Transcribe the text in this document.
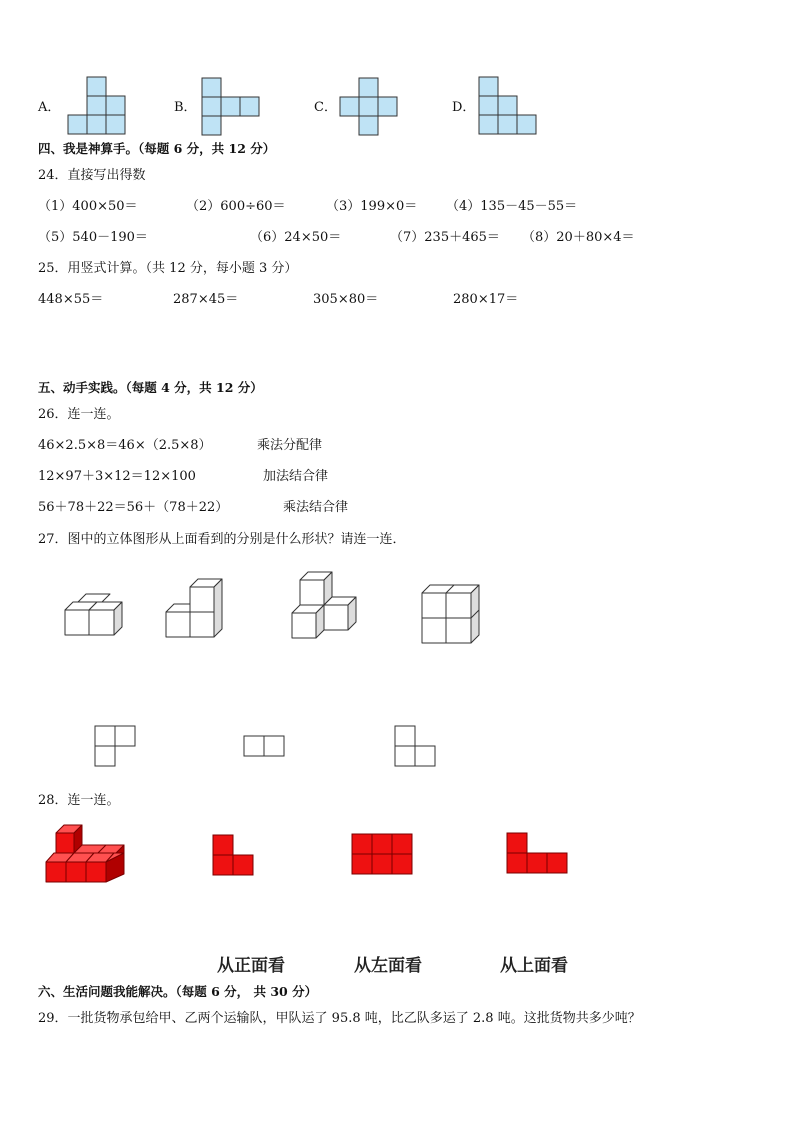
A．	B．	C．	D．
四、我是神算手。（每题 6 分，共 12 分）
24．直接写出得数
（1）400×50＝	（2）600÷60＝	（3）199×0＝ （4）135－45－55＝
（5）540－190＝	（6）24×50＝	（7）235＋465＝ （8）20＋80×4＝
25．用竖式计算。（共 12 分，每小题 3 分）
448×55＝	287×45＝	305×80＝	280×17＝
五、动手实践。（每题 4 分，共 12 分）
26．连一连。
46×2.5×8＝46×（2.5×8）
12×97＋3×12＝12×100
56＋78＋22＝56＋（78＋22）
乘法分配律
加法结合律
乘法结合律
27．图中的立体图形从上面看到的分别是什么形状？请连一连．
28．连一连。
从正面看	从左面看	从上面看
六、生活问题我能解决。（每题 6 分， 共 30 分）
29．一批货物承包给甲、乙两个运输队，甲队运了 95.8 吨，比乙队多运了 2.8 吨。这批货物共多少吨？
